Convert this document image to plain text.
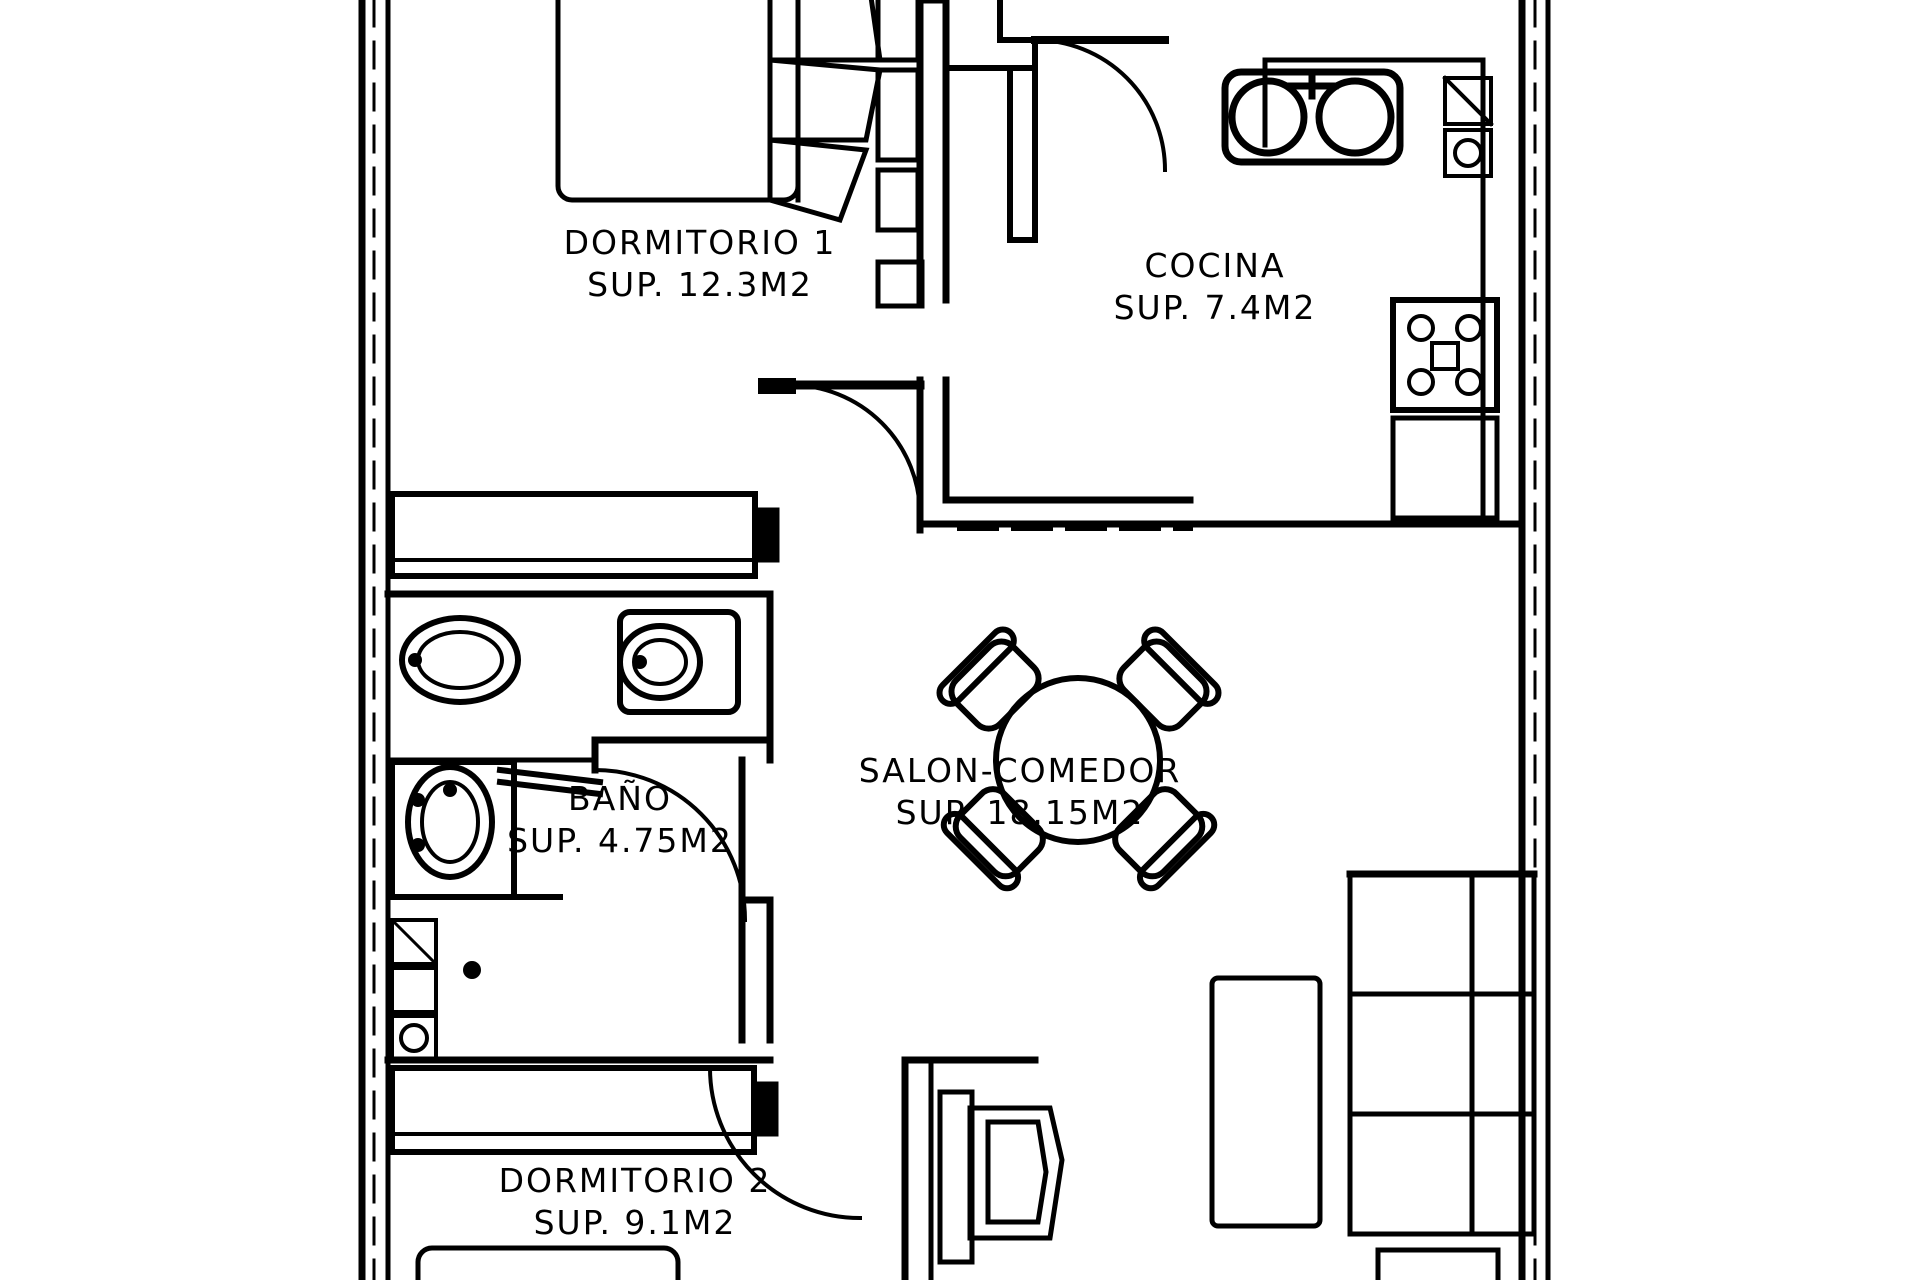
DORMITORIO 1
SUP. 12.3M2	COCINA
SUP. 7.4M2
SALON-COMEDOR
SUP. 18.15M2
BAÑO
SUP. 4.75M2
DORMITORIO 2
SUP. 9.1M2
